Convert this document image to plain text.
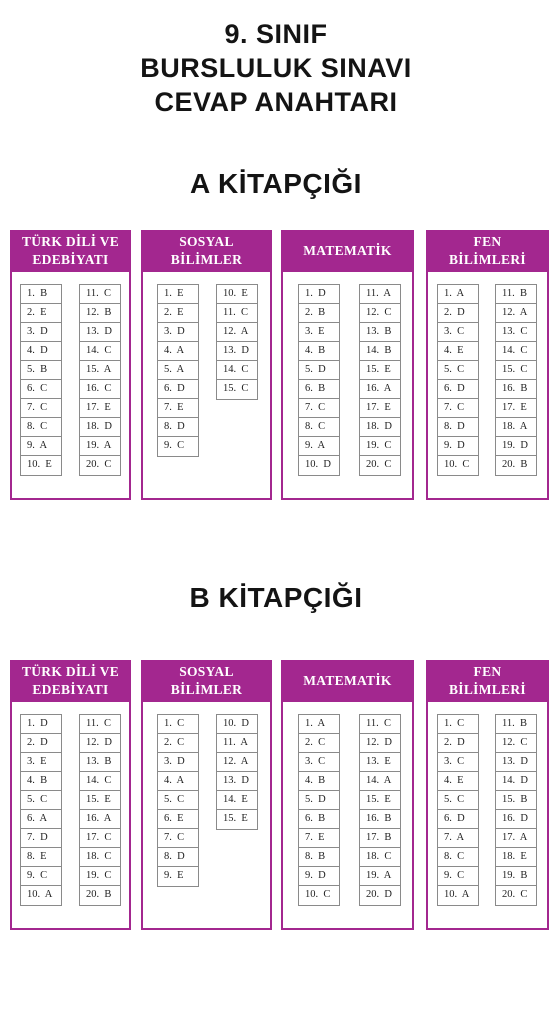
9. SINIF
BURSLULUK SINAVI
CEVAP ANAHTARI
A KİTAPÇIĞI
TÜRK DİLİ VE
EDEBİYATI
1.  B
2.  E
3.  D
4.  D
5.  B
6.  C
7.  C
8.  C
9.  A
10.  E
11.  C
12.  B
13.  D
14.  C
15.  A
16.  C
17.  E
18.  D
19.  A
20.  C
SOSYAL
BİLİMLER
1.  E
2.  E
3.  D
4.  A
5.  A
6.  D
7.  E
8.  D
9.  C
10.  E
11.  C
12.  A
13.  D
14.  C
15.  C
MATEMATİK
1.  D
2.  B
3.  E
4.  B
5.  D
6.  B
7.  C
8.  C
9.  A
10.  D
11.  A
12.  C
13.  B
14.  B
15.  E
16.  A
17.  E
18.  D
19.  C
20.  C
FEN
BİLİMLERİ
1.  A
2.  D
3.  C
4.  E
5.  C
6.  D
7.  C
8.  D
9.  D
10.  C
11.  B
12.  A
13.  C
14.  C
15.  C
16.  B
17.  E
18.  A
19.  D
20.  B
B KİTAPÇIĞI
TÜRK DİLİ VE
EDEBİYATI
1.  D
2.  D
3.  E
4.  B
5.  C
6.  A
7.  D
8.  E
9.  C
10.  A
11.  C
12.  D
13.  B
14.  C
15.  E
16.  A
17.  C
18.  C
19.  C
20.  B
SOSYAL
BİLİMLER
1.  C
2.  C
3.  D
4.  A
5.  C
6.  E
7.  C
8.  D
9.  E
10.  D
11.  A
12.  A
13.  D
14.  E
15.  E
MATEMATİK
1.  A
2.  C
3.  C
4.  B
5.  D
6.  B
7.  E
8.  B
9.  D
10.  C
11.  C
12.  D
13.  E
14.  A
15.  E
16.  B
17.  B
18.  C
19.  A
20.  D
FEN
BİLİMLERİ
1.  C
2.  D
3.  C
4.  E
5.  C
6.  D
7.  A
8.  C
9.  C
10.  A
11.  B
12.  C
13.  D
14.  D
15.  B
16.  D
17.  A
18.  E
19.  B
20.  C
